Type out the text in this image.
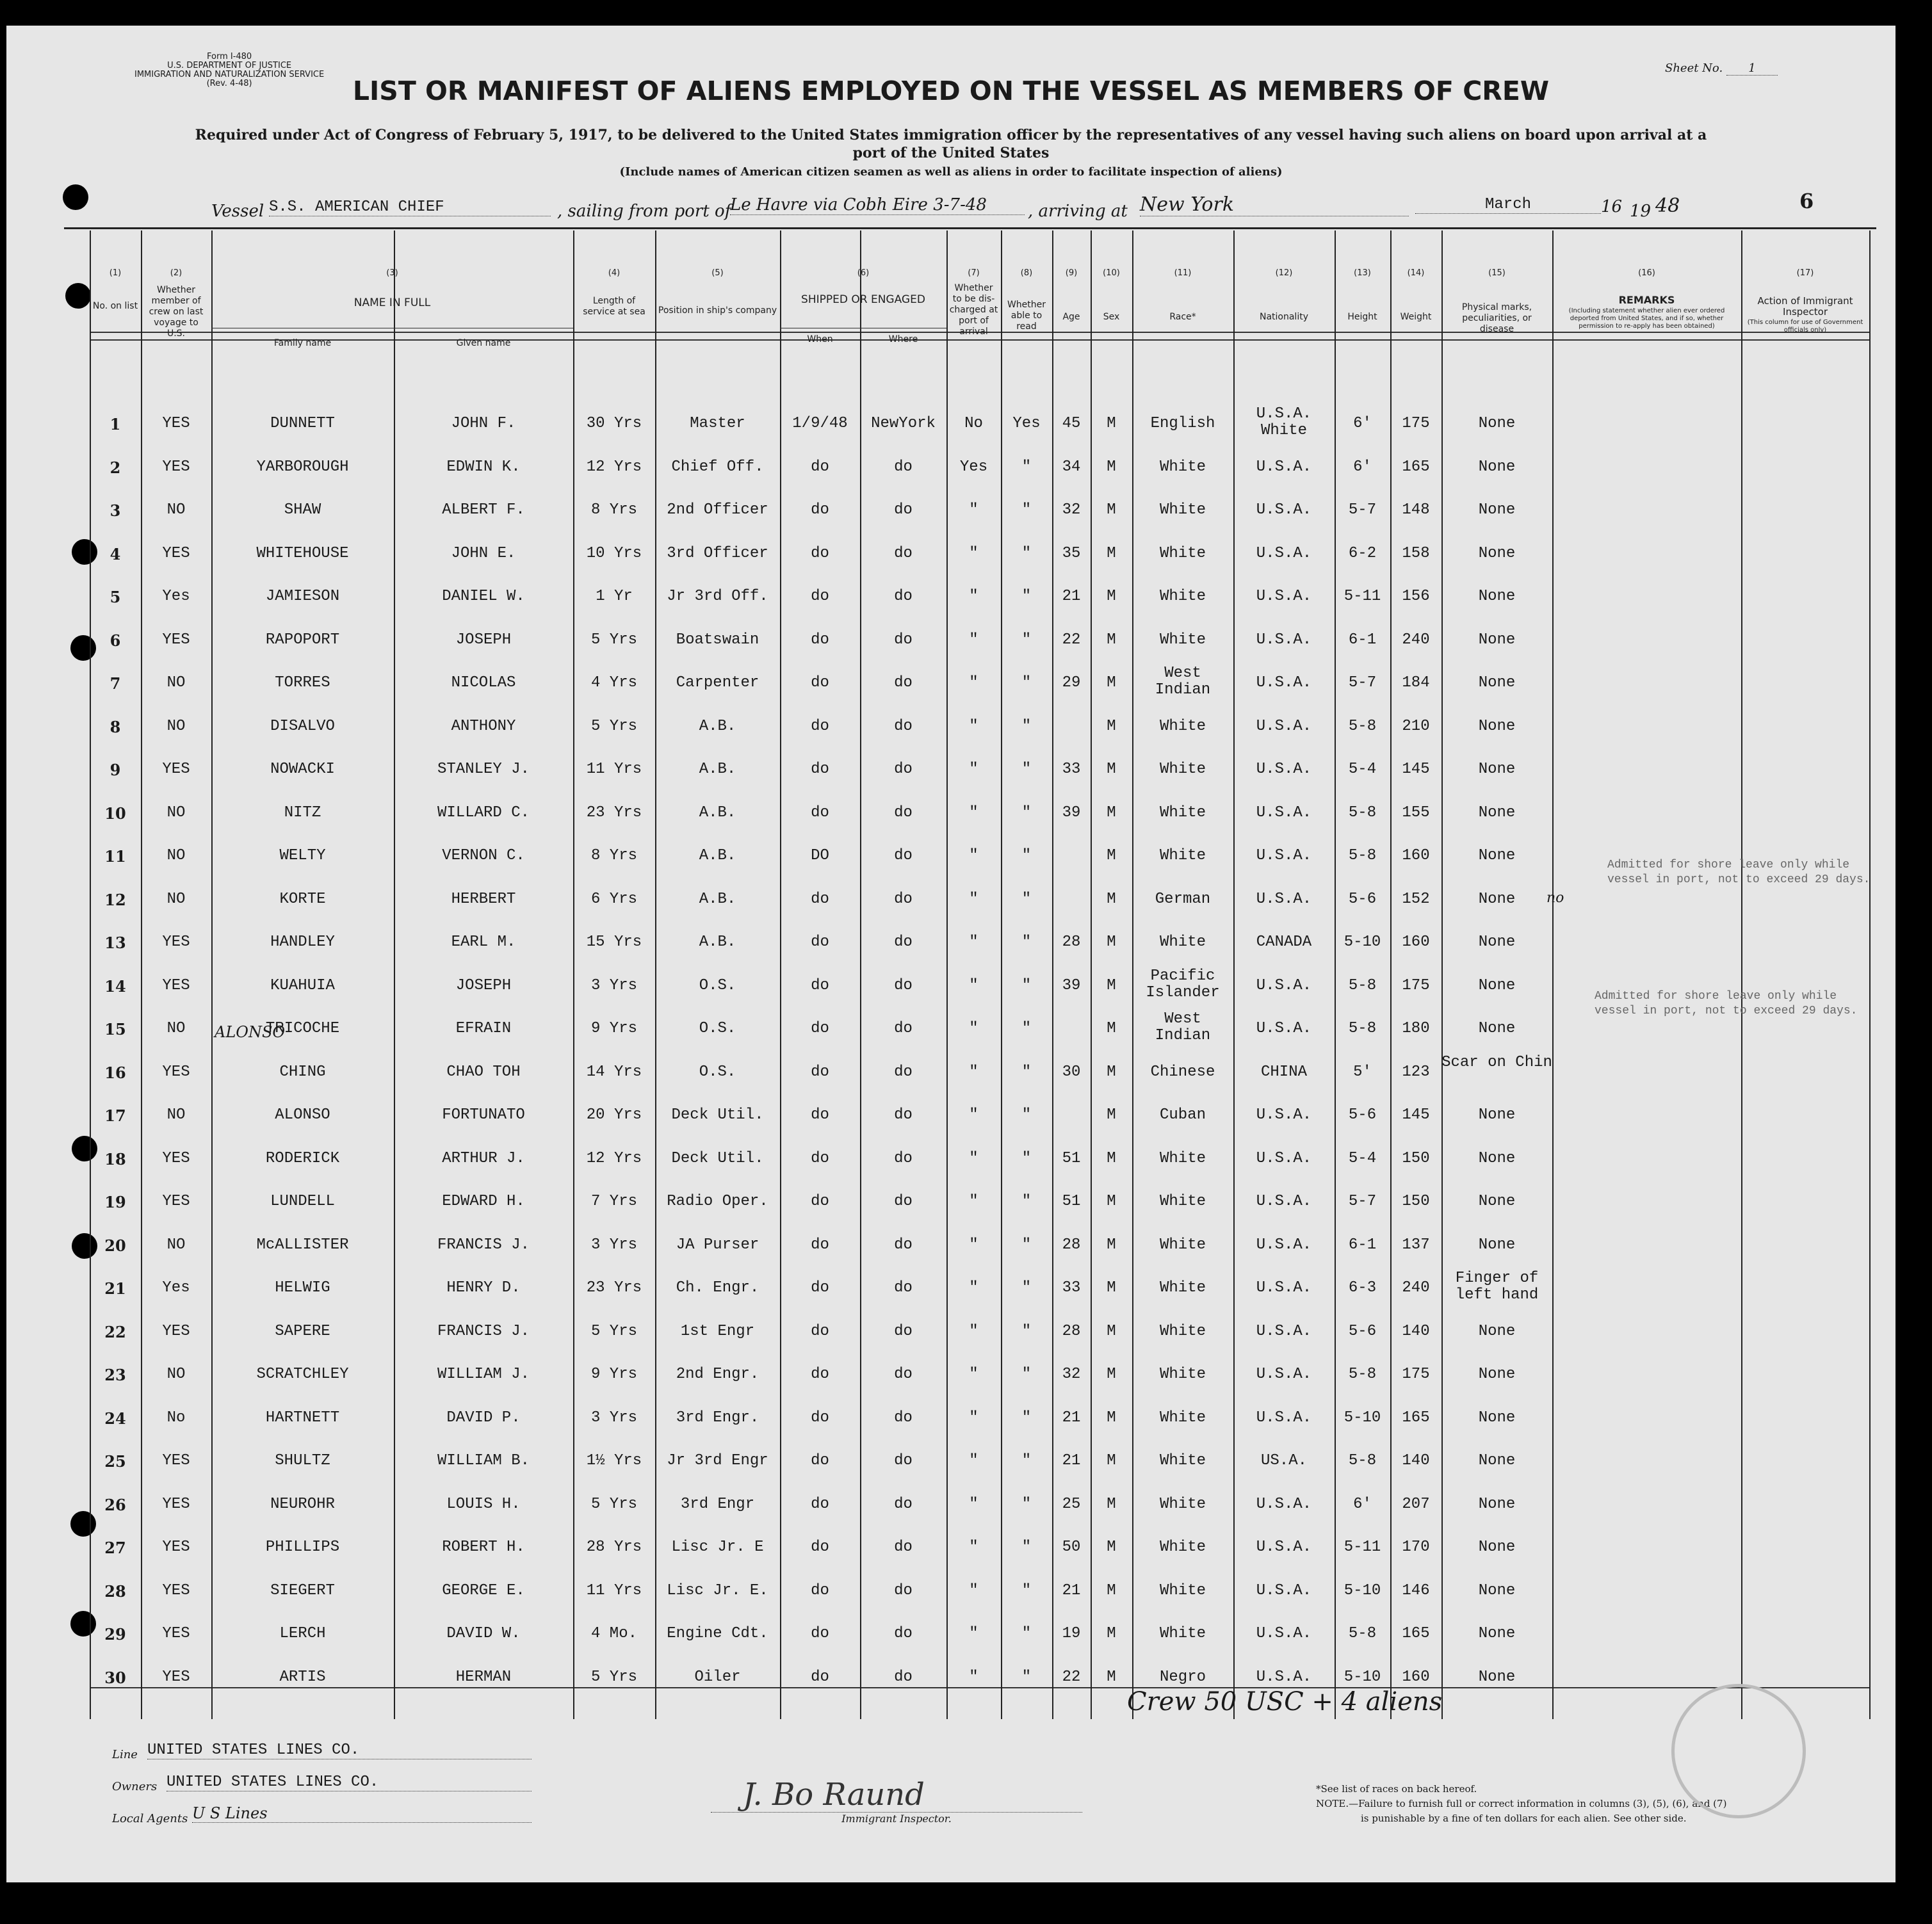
Form I-480
U.S. DEPARTMENT OF JUSTICE
IMMIGRATION AND NATURALIZATION SERVICE
(Rev. 4-48)
Sheet No. 1
6
LIST OR MANIFEST OF ALIENS EMPLOYED ON THE VESSEL AS MEMBERS OF CREW
Required under Act of Congress of February 5, 1917, to be delivered to the United States immigration officer by the representatives of any vessel having such aliens on board upon arrival at a
port of the United States
(Include names of American citizen seamen as well as aliens in order to facilitate inspection of aliens)
Vessel S.S. AMERICAN CHIEF	, sailing from port of
Le Havre via Cobh Eire 3-7-48	, arriving at New York	March	16 19 48
(1)	(2)	(3)	(4)	(5)	(6)	(7)	(8)	(9)	(10)	(11)	(12)	(13)	(14)	(15)	(16)	(17)
NAME IN FULL	SHIPPED OR ENGAGED	REMARKS
(Including statement whether alien ever ordered deported from United States, and if so, whether permission to re-apply has been obtained)
Action of Immigrant Inspector
(This column for use of Government officials only)
No. on list
Whether member of crew on last voyage to U.S.
Family name	Given name
Length of service at sea	Position in ship's company
When	Where
Whether to be dis-charged at port of arrival
Whether able to read
Age	Sex	Race*	Nationality	Height	Weight
Physical marks, peculiarities, or disease
1	YES	DUNNETT	JOHN F.	30 Yrs	Master	1/9/48	NewYork	No	Yes	45	M	English
U.S.A. White	6'	175	None
2	YES	YARBOROUGH	EDWIN K.	12 Yrs	Chief Off.	do	do	Yes	"	34	M	White	U.S.A.	6'	165	None
3	NO	SHAW	ALBERT F.	8 Yrs	2nd Officer	do	do	"	"	32	M	White	U.S.A.	5-7	148	None
4	YES	WHITEHOUSE	JOHN E.	10 Yrs	3rd Officer	do	do	"	"	35	M	White	U.S.A.	6-2	158	None
5	Yes	JAMIESON	DANIEL W.	1 Yr	Jr 3rd Off.	do	do	"	"	21	M	White	U.S.A.	5-11	156	None
6	YES	RAPOPORT	JOSEPH	5 Yrs	Boatswain	do	do	"	"	22	M	White	U.S.A.	6-1	240	None
7	NO	TORRES	NICOLAS	4 Yrs	Carpenter	do	do	"	"	29	M
West Indian	U.S.A.	5-7	184	None
8	NO	DISALVO	ANTHONY	5 Yrs	A.B.	do	do	"	"	M	White	U.S.A.	5-8	210	None
9	YES	NOWACKI	STANLEY J.	11 Yrs	A.B.	do	do	"	"	33	M	White	U.S.A.	5-4	145	None
10	NO	NITZ	WILLARD C.	23 Yrs	A.B.	do	do	"	"	39	M	White	U.S.A.	5-8	155	None
11	NO	WELTY	VERNON C.	8 Yrs	A.B.	DO	do	"	"	M	White	U.S.A.	5-8	160	None
12	NO	KORTE	HERBERT	6 Yrs	A.B.	do	do	"	"	M	German	U.S.A.	5-6	152	None
13	YES	HANDLEY	EARL M.	15 Yrs	A.B.	do	do	"	"	28	M	White	CANADA	5-10	160	None
14	YES	KUAHUIA	JOSEPH	3 Yrs	O.S.	do	do	"	"	39	M
Pacific Islander	U.S.A.	5-8	175	None
15	NO	TRICOCHE	EFRAIN	9 Yrs	O.S.	do	do	"	"	M
West Indian	U.S.A.	5-8	180	None
16	YES	CHING	CHAO TOH	14 Yrs	O.S.	do	do	"	"	30	M	Chinese	CHINA	5'	123
Scar on Chin
17	NO	ALONSO	FORTUNATO	20 Yrs	Deck Util.	do	do	"	"	M	Cuban	U.S.A.	5-6	145	None
18	YES	RODERICK	ARTHUR J.	12 Yrs	Deck Util.	do	do	"	"	51	M	White	U.S.A.	5-4	150	None
19	YES	LUNDELL	EDWARD H.	7 Yrs	Radio Oper.	do	do	"	"	51	M	White	U.S.A.	5-7	150	None
20	NO	McALLISTER	FRANCIS J.	3 Yrs	JA Purser	do	do	"	"	28	M	White	U.S.A.	6-1	137	None
21	Yes	HELWIG	HENRY D.	23 Yrs	Ch. Engr.	do	do	"	"	33	M	White	U.S.A.	6-3	240
Finger of left hand
22	YES	SAPERE	FRANCIS J.	5 Yrs	1st Engr	do	do	"	"	28	M	White	U.S.A.	5-6	140	None
23	NO	SCRATCHLEY	WILLIAM J.	9 Yrs	2nd Engr.	do	do	"	"	32	M	White	U.S.A.	5-8	175	None
24	No	HARTNETT	DAVID P.	3 Yrs	3rd Engr.	do	do	"	"	21	M	White	U.S.A.	5-10	165	None
25	YES	SHULTZ	WILLIAM B.	1½ Yrs	Jr 3rd Engr	do	do	"	"	21	M	White	US.A.	5-8	140	None
26	YES	NEUROHR	LOUIS H.	5 Yrs	3rd Engr	do	do	"	"	25	M	White	U.S.A.	6'	207	None
27	YES	PHILLIPS	ROBERT H.	28 Yrs	Lisc Jr. E	do	do	"	"	50	M	White	U.S.A.	5-11	170	None
28	YES	SIEGERT	GEORGE E.	11 Yrs	Lisc Jr. E.	do	do	"	"	21	M	White	U.S.A.	5-10	146	None
29	YES	LERCH	DAVID W.	4 Mo.	Engine Cdt.	do	do	"	"	19	M	White	U.S.A.	5-8	165	None
30	YES	ARTIS	HERMAN	5 Yrs	Oiler	do	do	"	"	22	M	Negro	U.S.A.	5-10	160	None
ALONSO
no
Admitted for shore leave only while vessel in port, not to exceed 29 days.
Admitted for shore leave only while vessel in port, not to exceed 29 days.
Crew 50 USC + 4 aliens
Line UNITED STATES LINES CO.
Owners UNITED STATES LINES CO.
Local Agents U S Lines
J. Bo Raund
Immigrant Inspector.
*See list of races on back hereof.
NOTE.—Failure to furnish full or correct information in columns (3), (5), (6), and (7)
is punishable by a fine of ten dollars for each alien. See other side.
